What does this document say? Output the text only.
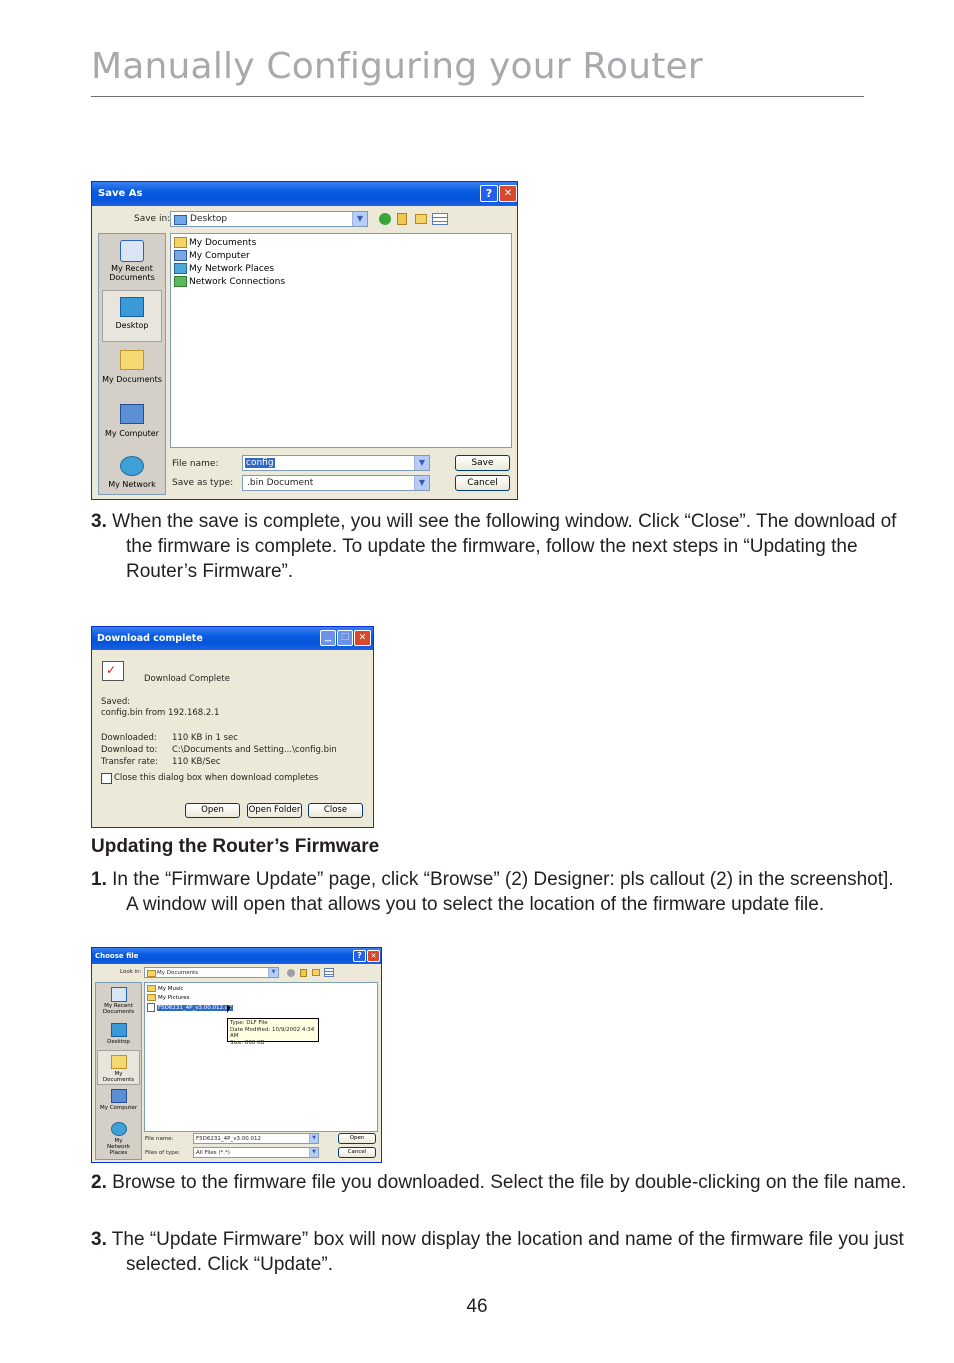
Manually Configuring your Router
Save As	?	✕
Save in: Desktop	▼
My Recent Documents
Desktop
My Documents
My Computer
My Network
My Documents
My Computer
My Network Places
Network Connections
File name:	config	▼
Save as type: .bin Document	▼
Save
Cancel
3. When the save is complete, you will see the following window. Click “Close”. The download of the firmware is complete. To update the firmware, follow the next steps in “Updating the Router’s Firmware”.
Download complete	▁	□	✕
✓
Download Complete
Saved:
config.bin from 192.168.2.1
Downloaded: 110 KB in 1 sec
Download to: C:\Documents and Setting...\config.bin
Transfer rate: 110 KB/Sec
Close this dialog box when download completes
Open	Open Folder	Close
Updating the Router’s Firmware
1. In the “Firmware Update” page, click “Browse” (2) Designer: pls callout (2) in the screenshot]. A window will open that allows you to select the location of the firmware update file.
Choose file	?	✕
Look in:	My Documents	▼
My Recent Documents
Desktop
My Documents
My Computer
My Network Places
My Music
My Pictures
F5D6231_4P_v3.00.012.dlf
Type: DLF File
Date Modified: 10/9/2002 4:34 AM
Size: 808 KB
File name:	F5D6231_4P_v3.00.012	▼
Files of type:	All Files (*.*)	▼
Open
Cancel
2. Browse to the firmware file you downloaded. Select the file by double-clicking on the file name.
3. The “Update Firmware” box will now display the location and name of the firmware file you just selected. Click “Update”.
46
